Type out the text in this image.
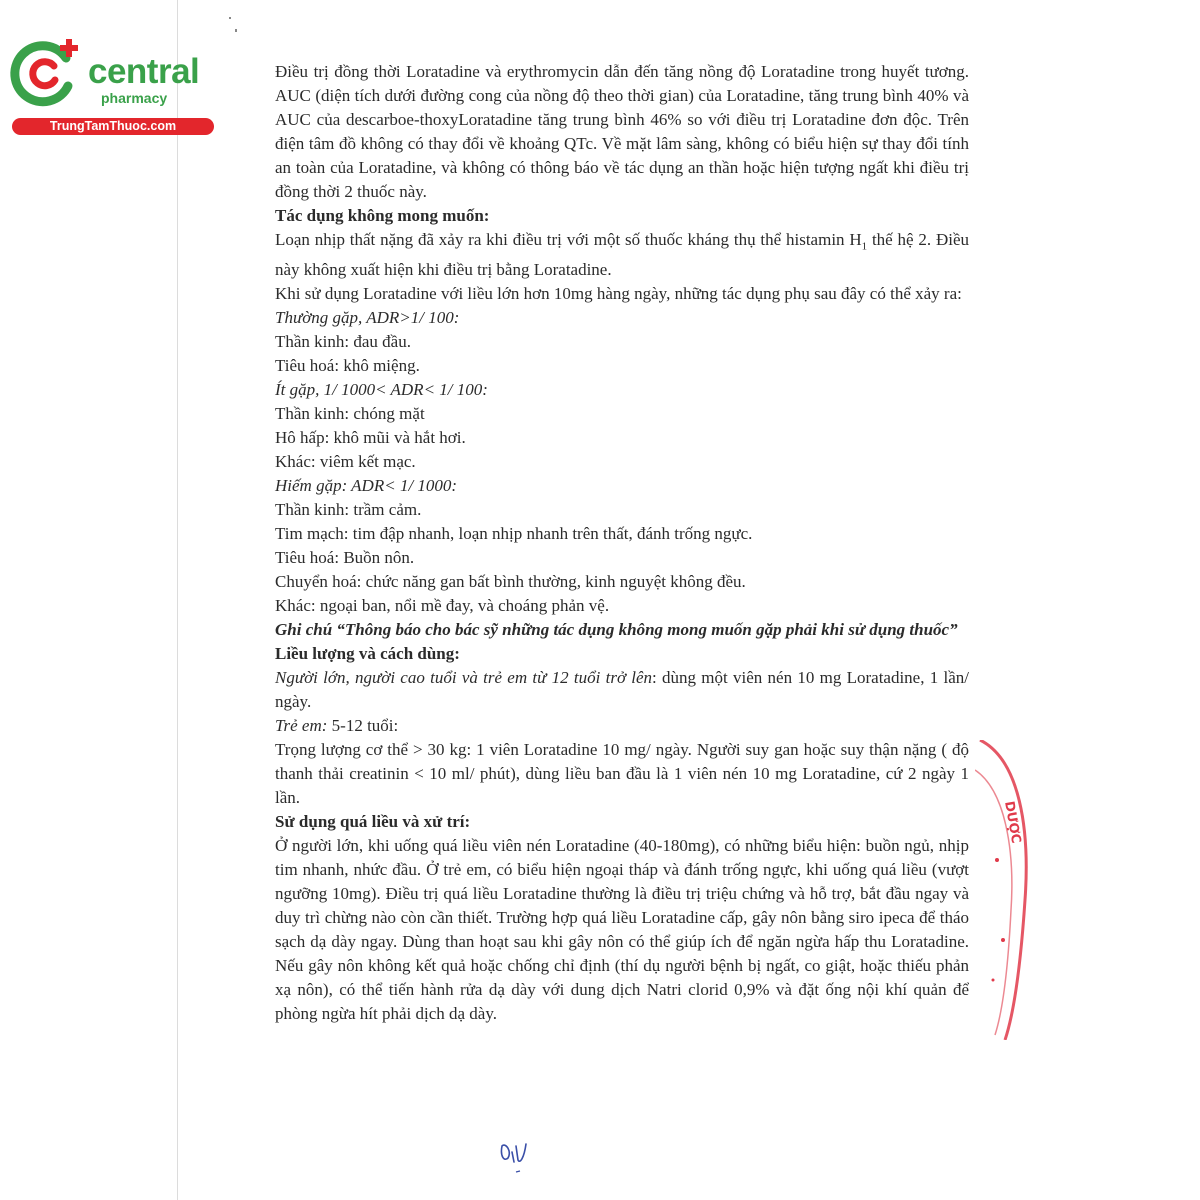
central
pharmacy
TrungTamThuoc.com

Điều trị đồng thời Loratadine và erythromycin dẫn đến tăng nồng độ Loratadine trong huyết tương. AUC (diện tích dưới đường cong của nồng độ theo thời gian) của Loratadine, tăng trung bình 40% và AUC của descarboe-thoxyLoratadine tăng trung bình 46% so với điều trị Loratadine đơn độc. Trên điện tâm đồ không có thay đổi về khoảng QTc. Về mặt lâm sàng, không có biểu hiện sự thay đổi tính an toàn của Loratadine, và không có thông báo về tác dụng an thần hoặc hiện tượng ngất khi điều trị đồng thời 2 thuốc này.

Tác dụng không mong muốn:

Loạn nhịp thất nặng đã xảy ra khi điều trị với một số thuốc kháng thụ thể histamin $H_1$ thế hệ 2. Điều này không xuất hiện khi điều trị bằng Loratadine.

Khi sử dụng Loratadine với liều lớn hơn 10mg hàng ngày, những tác dụng phụ sau đây có thể xảy ra:

Thường gặp, ADR>1/ 100:

Thần kinh: đau đầu.

Tiêu hoá: khô miệng.

Ít gặp, 1/ 1000< ADR< 1/ 100:

Thần kinh: chóng mặt

Hô hấp: khô mũi và hắt hơi.

Khác: viêm kết mạc.

Hiếm gặp: ADR< 1/ 1000:

Thần kinh: trầm cảm.

Tim mạch: tim đập nhanh, loạn nhịp nhanh trên thất, đánh trống ngực.

Tiêu hoá: Buồn nôn.

Chuyển hoá: chức năng gan bất bình thường, kinh nguyệt không đều.

Khác: ngoại ban, nổi mề đay, và choáng phản vệ.

Ghi chú “Thông báo cho bác sỹ những tác dụng không mong muốn gặp phải khi sử dụng thuốc”

Liều lượng và cách dùng:

Người lớn, người cao tuổi và trẻ em từ 12 tuổi trở lên: dùng một viên nén 10 mg Loratadine, 1 lần/ ngày.

Trẻ em: 5-12 tuổi:

Trọng lượng cơ thể > 30 kg: 1 viên Loratadine 10 mg/ ngày. Người suy gan hoặc suy thận nặng ( độ thanh thải creatinin < 10 ml/ phút), dùng liều ban đầu là 1 viên nén 10 mg Loratadine, cứ 2 ngày 1 lần.

Sử dụng quá liều và xử trí:

Ở người lớn, khi uống quá liều viên nén Loratadine (40-180mg), có những biểu hiện: buồn ngủ, nhịp tim nhanh, nhức đầu. Ở trẻ em, có biểu hiện ngoại tháp và đánh trống ngực, khi uống quá liều (vượt ngưỡng 10mg). Điều trị quá liều Loratadine thường là điều trị triệu chứng và hỗ trợ, bắt đầu ngay và duy trì chừng nào còn cần thiết. Trường hợp quá liều Loratadine cấp, gây nôn bằng siro ipeca để tháo sạch dạ dày ngay. Dùng than hoạt sau khi gây nôn có thể giúp ích để ngăn ngừa hấp thu Loratadine. Nếu gây nôn không kết quả hoặc chống chỉ định (thí dụ người bệnh bị ngất, co giật, hoặc thiếu phản xạ nôn), có thể tiến hành rửa dạ dày với dung dịch Natri clorid 0,9% và đặt ống nội khí quản để phòng ngừa hít phải dịch dạ dày.

DƯỢC
